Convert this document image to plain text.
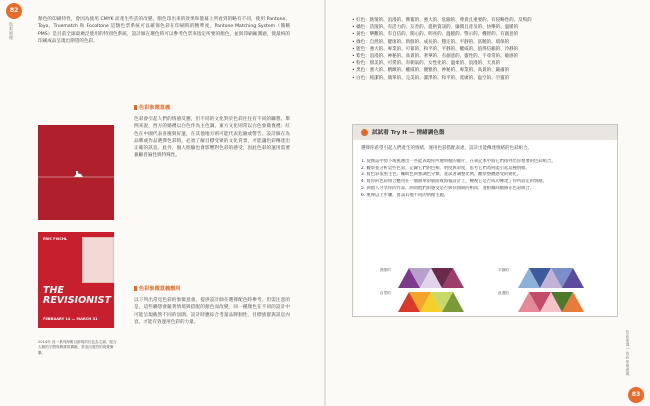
82
色彩原理
顏色的印刷特性，會因為使用 CMYK 而產生些許的改變。顏色印出來的效果和螢幕上所看到的略有不同，使用 Pantone、Toyo、Truematch 和 Focoltone 這類色票系統可以確保色彩在印刷時的精準度，Pantone Matching System（簡稱 PMS）是目前全球最廣泛使用的特別色系統，設計師在選色時可以參考色票來指定所要的顏色，並與印刷廠溝通，使最終的印刷成品呈現出期望的色彩。
色彩象徵意義
色彩會引起人們的情感反應，但不同的文化對於色彩往往有不同的聯想。舉例來說，西方的婚禮以白色作為主色調，東方文化則常以白色象徵喪禮；紅色在中國代表喜慶與好運，在其他地方則可能代表危險或警告。設計師在為品牌或作品選擇色彩時，必須了解目標受眾的文化背景，才能讓色彩傳達出正確的訊息。此外，個人經驗也會影響對色彩的感受，因此色彩的運用需要兼顧普遍性與特殊性。
ERIC FISCHL
THE REVISIONIST
FEBRUARY 14 — MARCH 31
色彩象徵意義應用
以下列出常見色彩的象徵意義，提供設計師在選擇配色時參考。但需注意的是，這些聯想會隨著情境與搭配的顏色而改變，同一種顏色在不同的設計中可能呈現截然不同的氛圍。設計時應綜合考量品牌個性、目標族群與訊息內容，才能有效運用色彩的力量。
2014年 這一系列海報以鮮明的紅色為主調，配合大膽的字體與簡潔的構圖，營造出強烈的視覺衝擊。
• 紅色：熱情的、浪漫的、興奮的、強大的、危險的、尊貴且重要的、有侵略性的、反叛的
• 橘色：活潑的、有活力的、友善的、提供資訊的、廉價且普及的、快樂的、溫暖的
• 黃色：樂觀的、有自信的、開心的、明亮的、溫暖的、警示的、機智的、有創意的
• 綠色：自然的、健康的、新鮮的、成長的、穩定的、平靜的、富饒的、環保的
• 藍色：強大的、專業的、可靠的、和平的、平靜的、權威的、值得信賴的、冷靜的
• 紫色：浪漫的、神秘的、高貴的、奢華的、有創意的、靈性的、不尋常的、敏感的
• 粉色：甜美的、可愛的、有朝氣的、女性化的、溫柔的、浪漫的、天真的
• 黑色：強大的、精緻的、權威的、優雅的、神秘的、專業的、高貴的、嚴肅的
• 白色：純潔的、簡單的、完美的、潔淨的、和平的、寬廣的、虛空的、空靈的
試試看 Try It — 情緒調色盤
選擇你希望引起人們產生的情緒，運用色彩搭配表達，設計出能傳達情緒的色彩組合。
1. 從雜誌中剪下或挑選出一些能表現你所選情緒的圖片，在筆記本中將它們排列出你想要的色彩組合。
2. 觀察並分析這些色彩，記錄它們的色相、明度與彩度，思考它們為何能引起這種情緒。
3. 將色彩依照主色、輔助色與強調色分類，並試著調整比例，觀察整體感受的變化。
4. 將你的色彩組合應用在一個簡單的版面或海報設計上，檢視它是否成功傳達了你所設定的情緒。
5. 與他人分享你的作品，詢問他們的感受是否與你預期的相同，並根據回饋修正色彩組合。
6. 重複以上步驟，嘗試其他不同的情緒主題。
熱情的
自然的
平靜的
浪漫的
色彩原理 | 色彩象徵意義
83
